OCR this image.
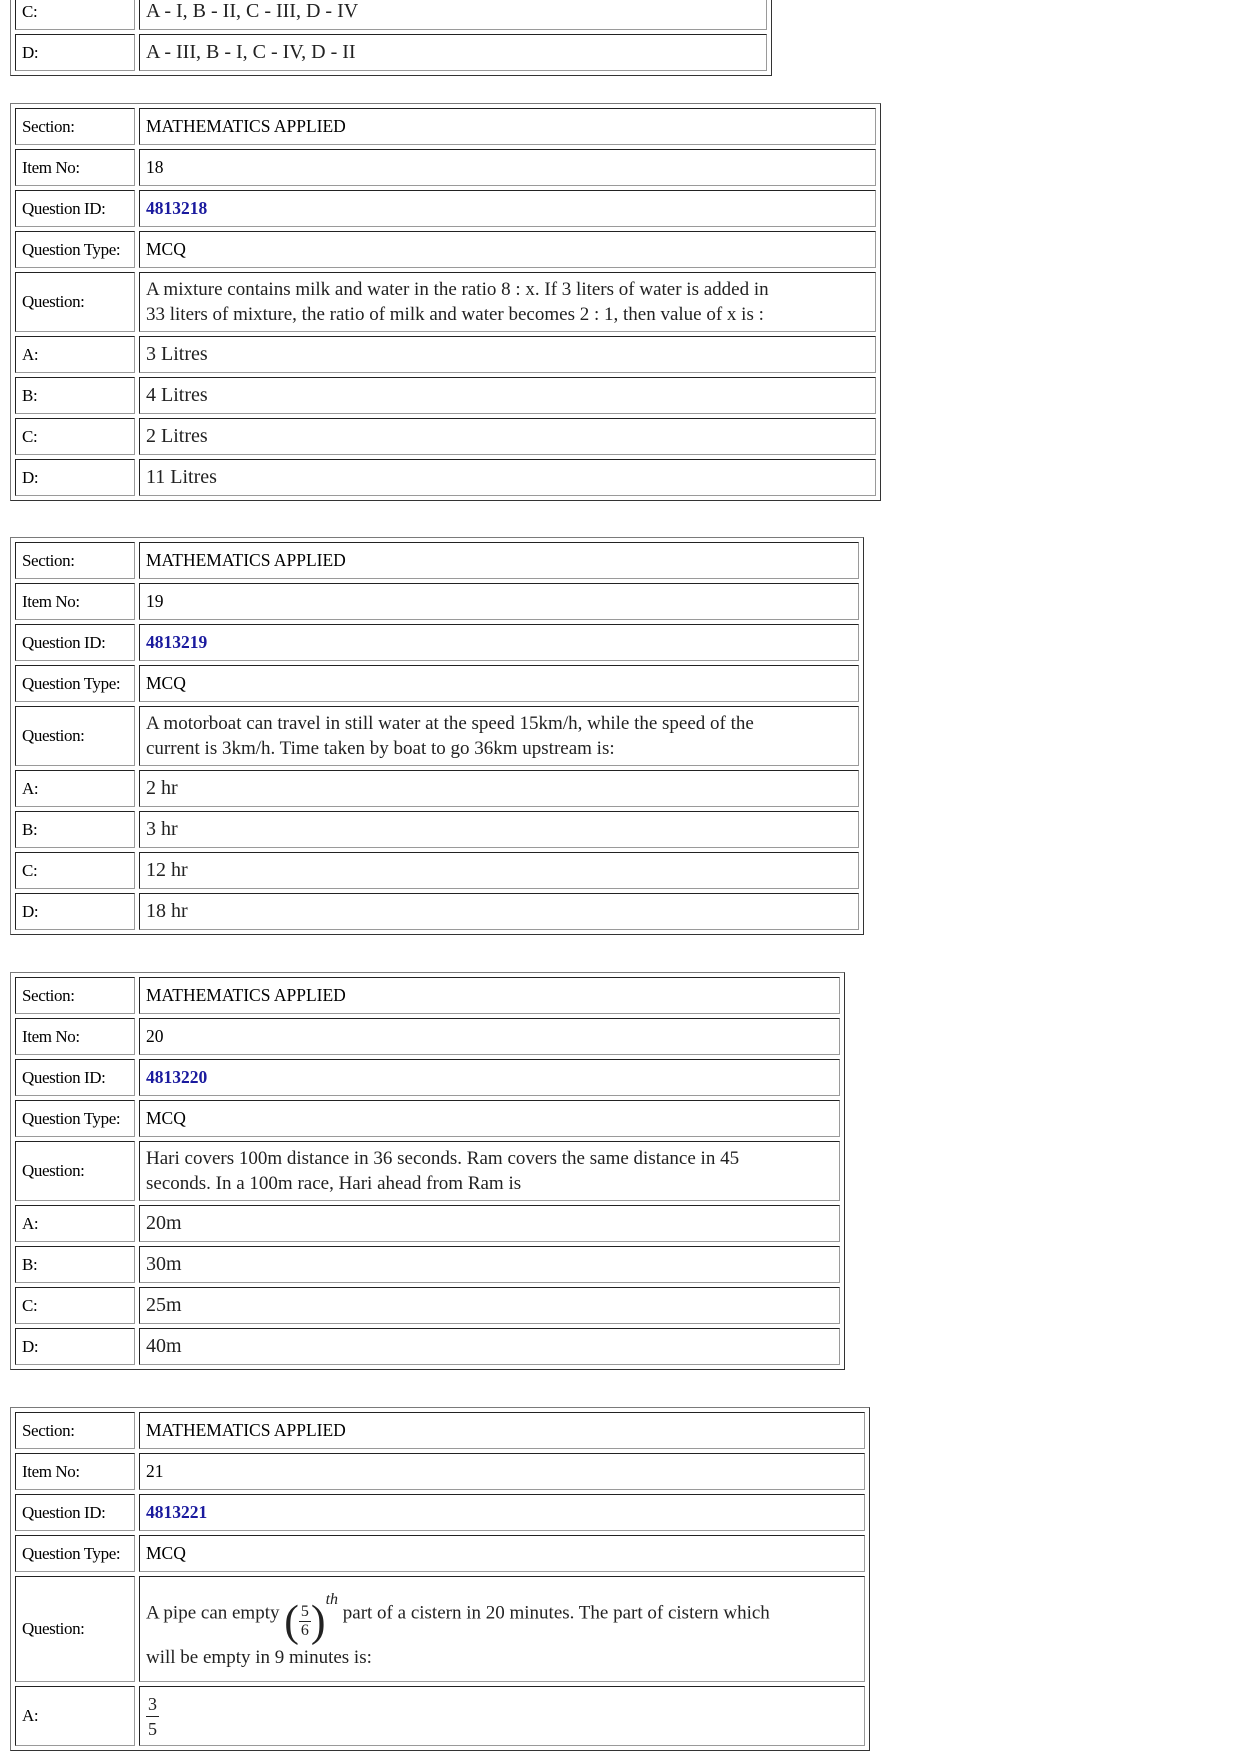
C:	A - I, B - II, C - III, D - IV
D:	A - III, B - I, C - IV, D - II
Section:	MATHEMATICS APPLIED
Item No:	18
Question ID:	4813218
Question Type:	MCQ
Question:	A mixture contains milk and water in the ratio 8 : x. If 3 liters of water is added in
33 liters of mixture, the ratio of milk and water becomes 2 : 1, then value of x is :
A:	3 Litres
B:	4 Litres
C:	2 Litres
D:	11 Litres
Section:	MATHEMATICS APPLIED
Item No:	19
Question ID:	4813219
Question Type:	MCQ
Question:	A motorboat can travel in still water at the speed 15km/h, while the speed of the
current is 3km/h. Time taken by boat to go 36km upstream is:
A:	2 hr
B:	3 hr
C:	12 hr
D:	18 hr
Section:	MATHEMATICS APPLIED
Item No:	20
Question ID:	4813220
Question Type:	MCQ
Question:	Hari covers 100m distance in 36 seconds. Ram covers the same distance in 45
seconds. In a 100m race, Hari ahead from Ram is
A:	20m
B:	30m
C:	25m
D:	40m
Section:	MATHEMATICS APPLIED
Item No:	21
Question ID:	4813221
Question Type:	MCQ
Question:	A pipe can empty ( $\frac{5}{6} )^{th}$ part of a cistern in 20 minutes. The part of cistern which
will be empty in 9 minutes is:
A:	$\frac{3}{5}$
